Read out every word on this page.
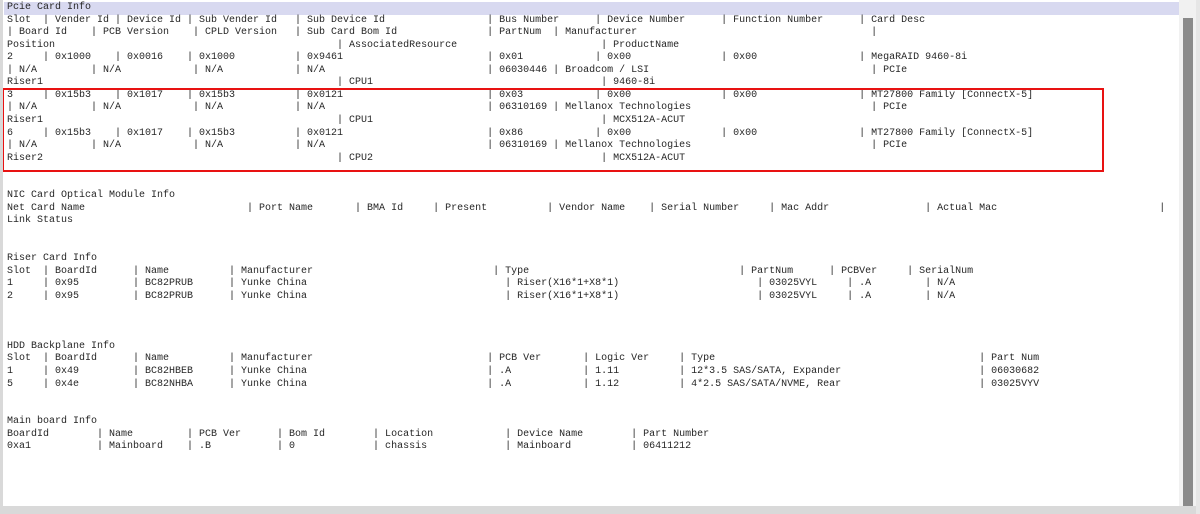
Pcie Card Info
Slot  | Vender Id | Device Id | Sub Vender Id   | Sub Device Id                 | Bus Number      | Device Number      | Function Number      | Card Desc
| Board Id    | PCB Version    | CPLD Version   | Sub Card Bom Id               | PartNum  | Manufacturer                                       |
Position                                               | AssociatedResource                        | ProductName
2     | 0x1000    | 0x0016    | 0x1000          | 0x9461                        | 0x01            | 0x00               | 0x00                 | MegaRAID 9460-8i
| N/A         | N/A            | N/A            | N/A                           | 06030446 | Broadcom / LSI                                     | PCIe
Riser1                                                 | CPU1                                      | 9460-8i
3     | 0x15b3    | 0x1017    | 0x15b3          | 0x0121                        | 0x03            | 0x00               | 0x00                 | MT27800 Family [ConnectX-5]
| N/A         | N/A            | N/A            | N/A                           | 06310169 | Mellanox Technologies                              | PCIe
Riser1                                                 | CPU1                                      | MCX512A-ACUT
6     | 0x15b3    | 0x1017    | 0x15b3          | 0x0121                        | 0x86            | 0x00               | 0x00                 | MT27800 Family [ConnectX-5]
| N/A         | N/A            | N/A            | N/A                           | 06310169 | Mellanox Technologies                              | PCIe
Riser2                                                 | CPU2                                      | MCX512A-ACUT
NIC Card Optical Module Info
Net Card Name                           | Port Name       | BMA Id     | Present          | Vendor Name    | Serial Number     | Mac Addr                | Actual Mac                           |
Link Status
Riser Card Info
Slot  | BoardId      | Name          | Manufacturer                              | Type                                   | PartNum      | PCBVer     | SerialNum
1     | 0x95         | BC82PRUB      | Yunke China                                 | Riser(X16*1+X8*1)                       | 03025VYL     | .A         | N/A
2     | 0x95         | BC82PRUB      | Yunke China                                 | Riser(X16*1+X8*1)                       | 03025VYL     | .A         | N/A
HDD Backplane Info
Slot  | BoardId      | Name          | Manufacturer                             | PCB Ver       | Logic Ver     | Type                                            | Part Num
1     | 0x49         | BC82HBEB      | Yunke China                              | .A            | 1.11          | 12*3.5 SAS/SATA, Expander                       | 06030682
5     | 0x4e         | BC82NHBA      | Yunke China                              | .A            | 1.12          | 4*2.5 SAS/SATA/NVME, Rear                       | 03025VYV
Main board Info
BoardId        | Name         | PCB Ver      | Bom Id        | Location            | Device Name        | Part Number
0xa1           | Mainboard    | .B           | 0             | chassis             | Mainboard          | 06411212
